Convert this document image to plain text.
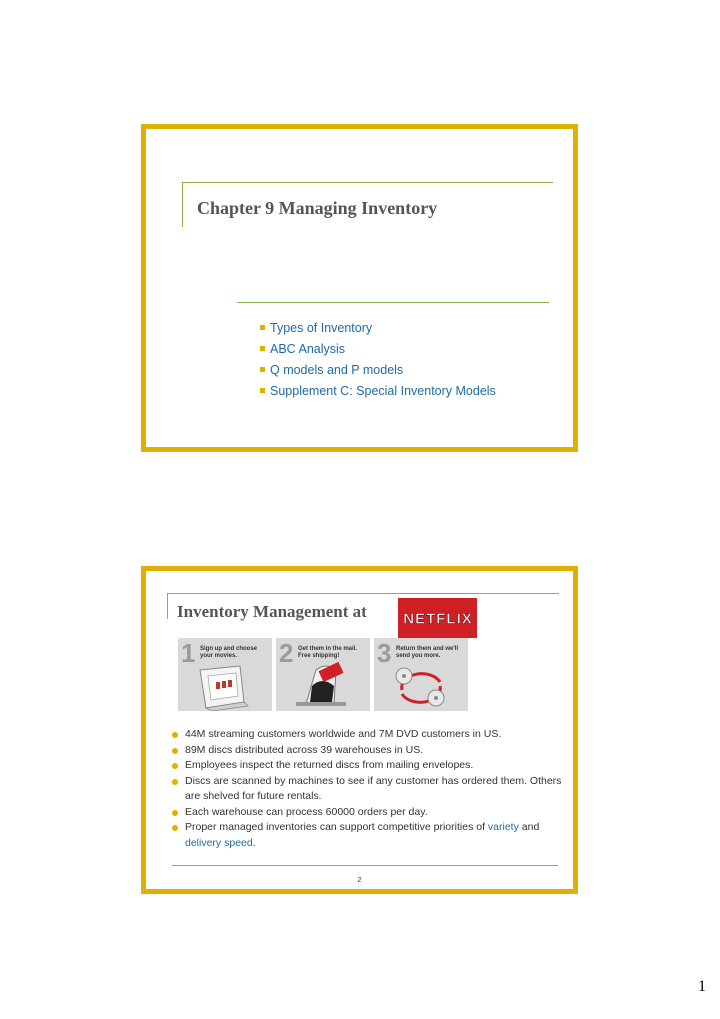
Chapter 9 Managing Inventory
Types of Inventory
ABC Analysis
Q models and P models
Supplement C: Special Inventory Models
Inventory Management at NETFLIX
1 Sign up and choose your movies.	2 Get them in the mail. Free shipping!	3 Return them and we'll send you more.
44M streaming customers worldwide and 7M DVD customers in US.
89M discs distributed across 39 warehouses in US.
Employees inspect the returned discs from mailing envelopes.
Discs are scanned by machines to see if any customer has ordered them. Others are shelved for future rentals.
Each warehouse can process 60000 orders per day.
Proper managed inventories can support competitive priorities of variety and delivery speed.
2
1
